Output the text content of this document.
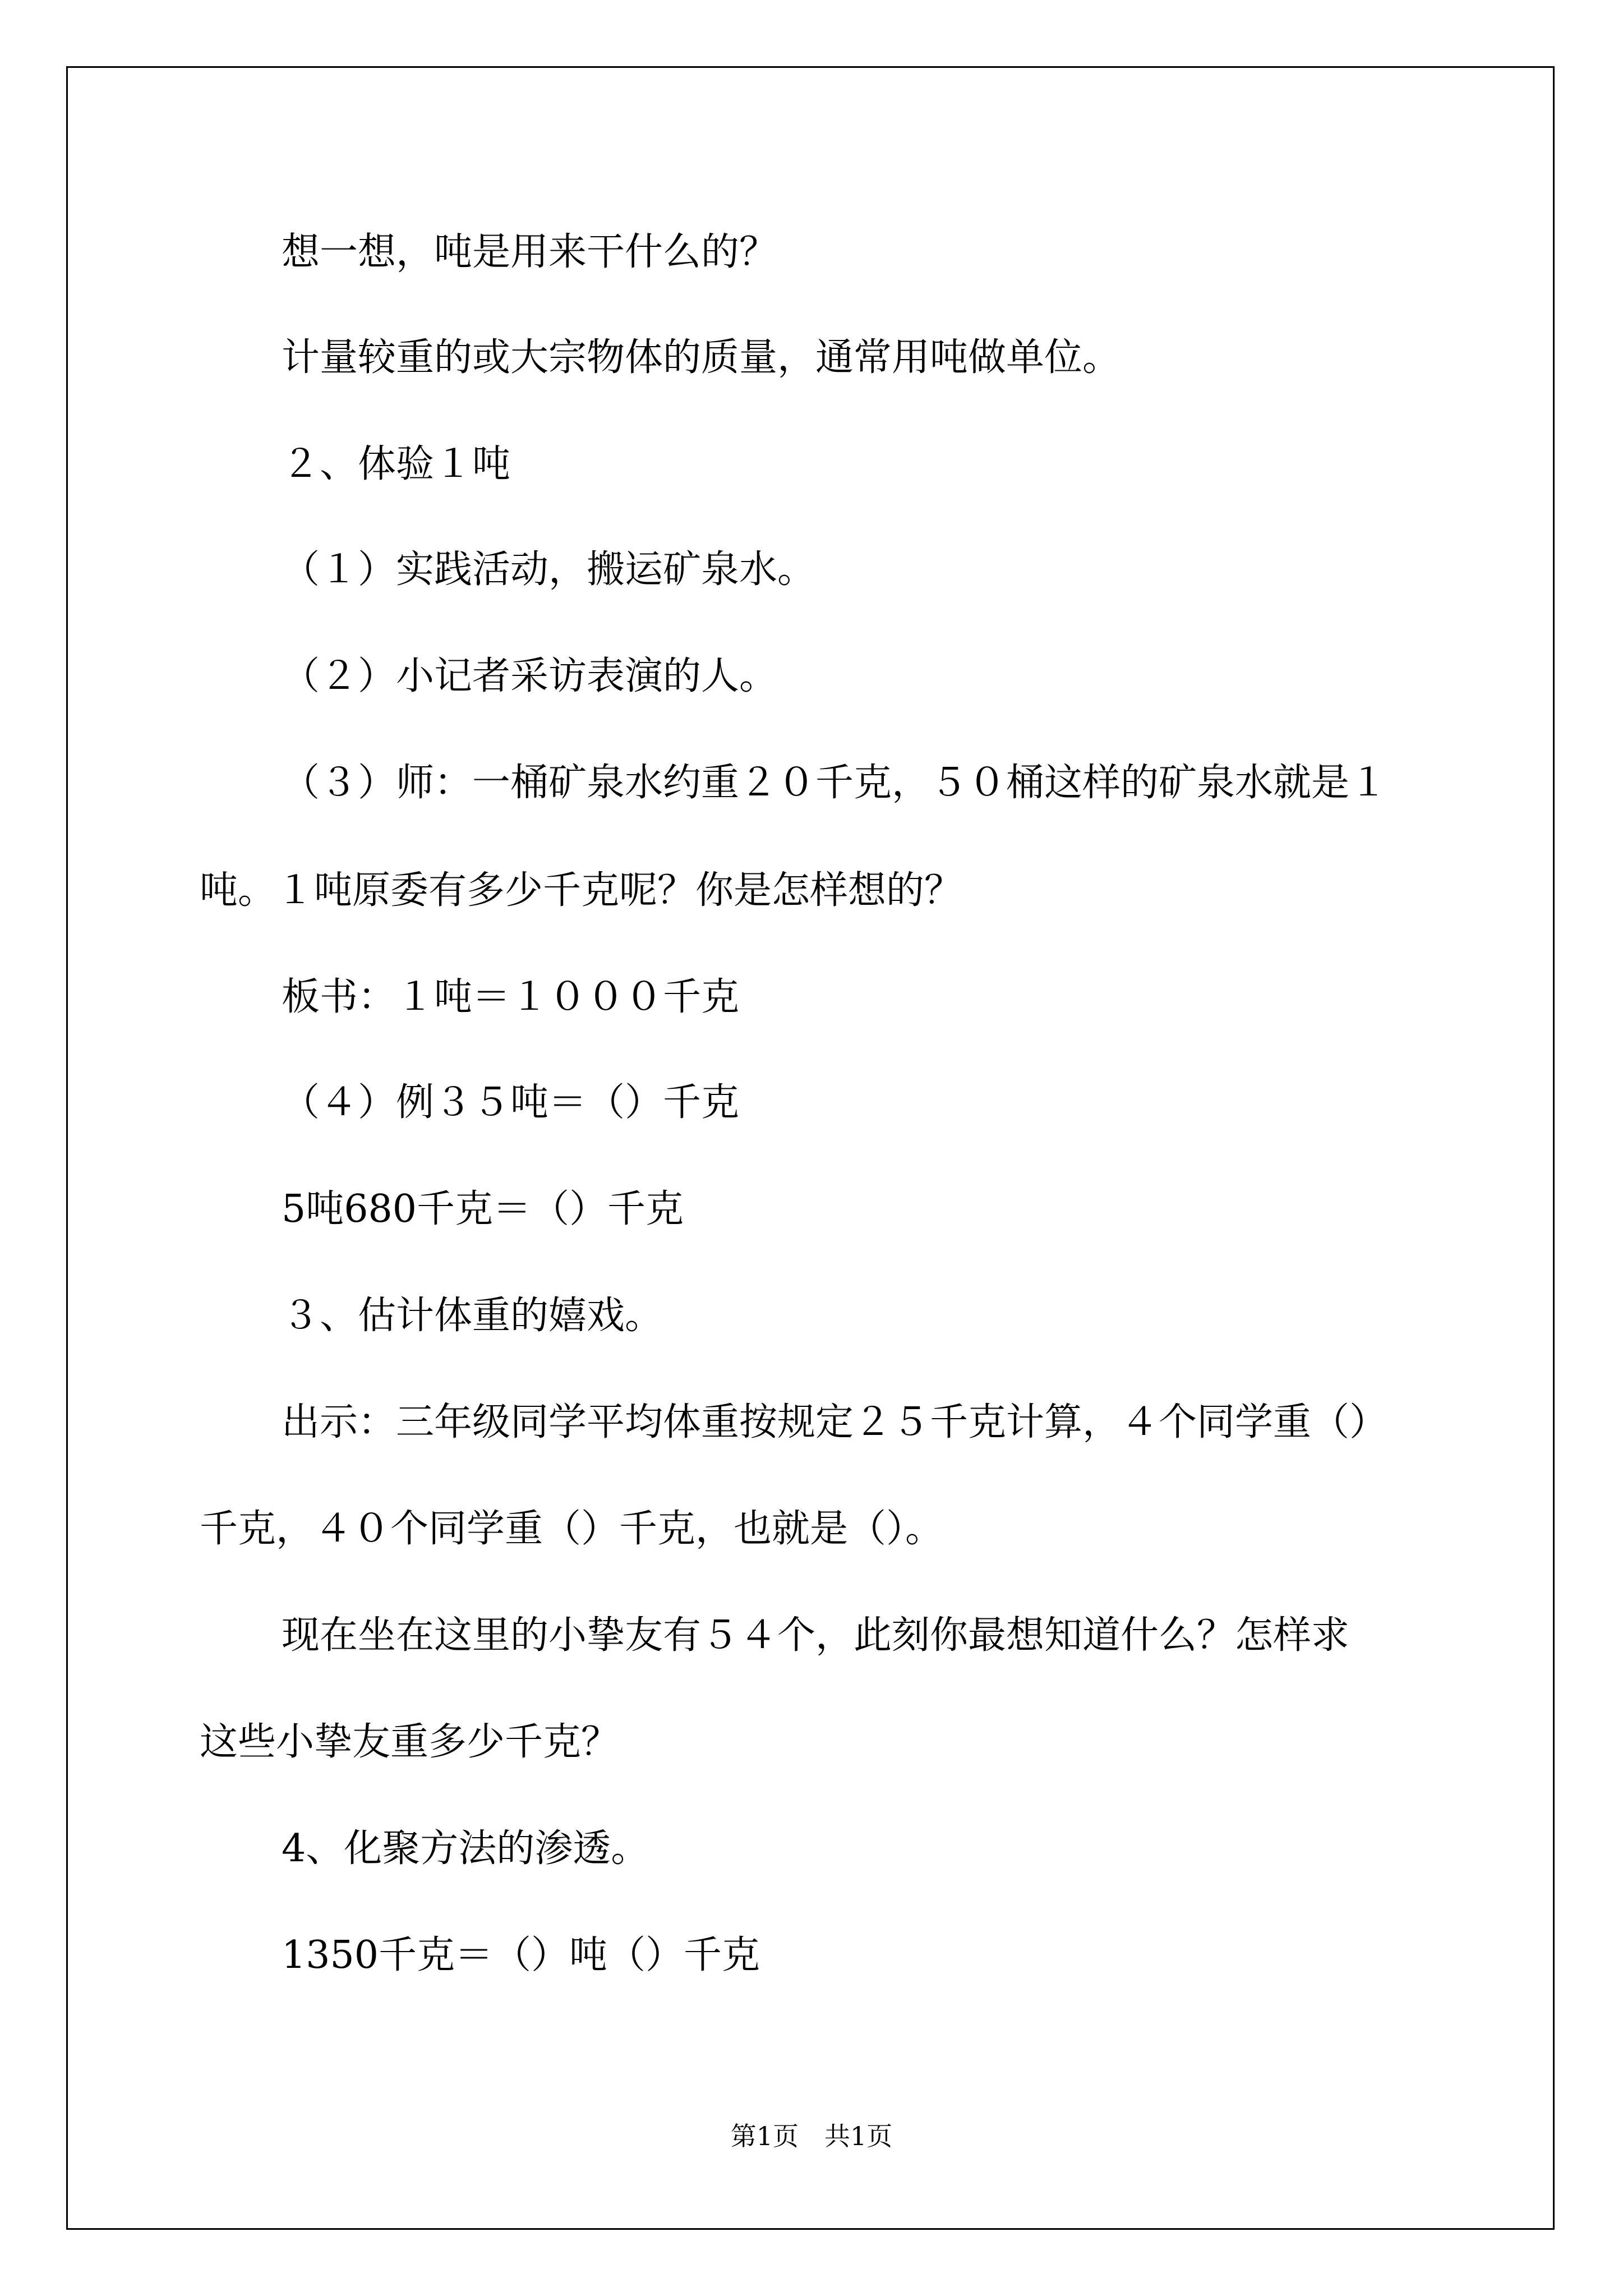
想一想，吨是用来干什么的？
计量较重的或大宗物体的质量，通常用吨做单位。
２、体验１吨
（１）实践活动，搬运矿泉水。
（２）小记者采访表演的人。
（３）师：一桶矿泉水约重２０千克，５０桶这样的矿泉水就是１
吨。１吨原委有多少千克呢？你是怎样想的？
板书：１吨＝１０００千克
（４）例３５吨＝（）千克
5吨680千克＝（）千克
３、估计体重的嬉戏。
出示：三年级同学平均体重按规定２５千克计算，４个同学重（）
千克，４０个同学重（）千克，也就是（）。
现在坐在这里的小挚友有５４个，此刻你最想知道什么？怎样求
这些小挚友重多少千克？
4、化聚方法的渗透。
1350千克＝（）吨（）千克
第1页　共1页
